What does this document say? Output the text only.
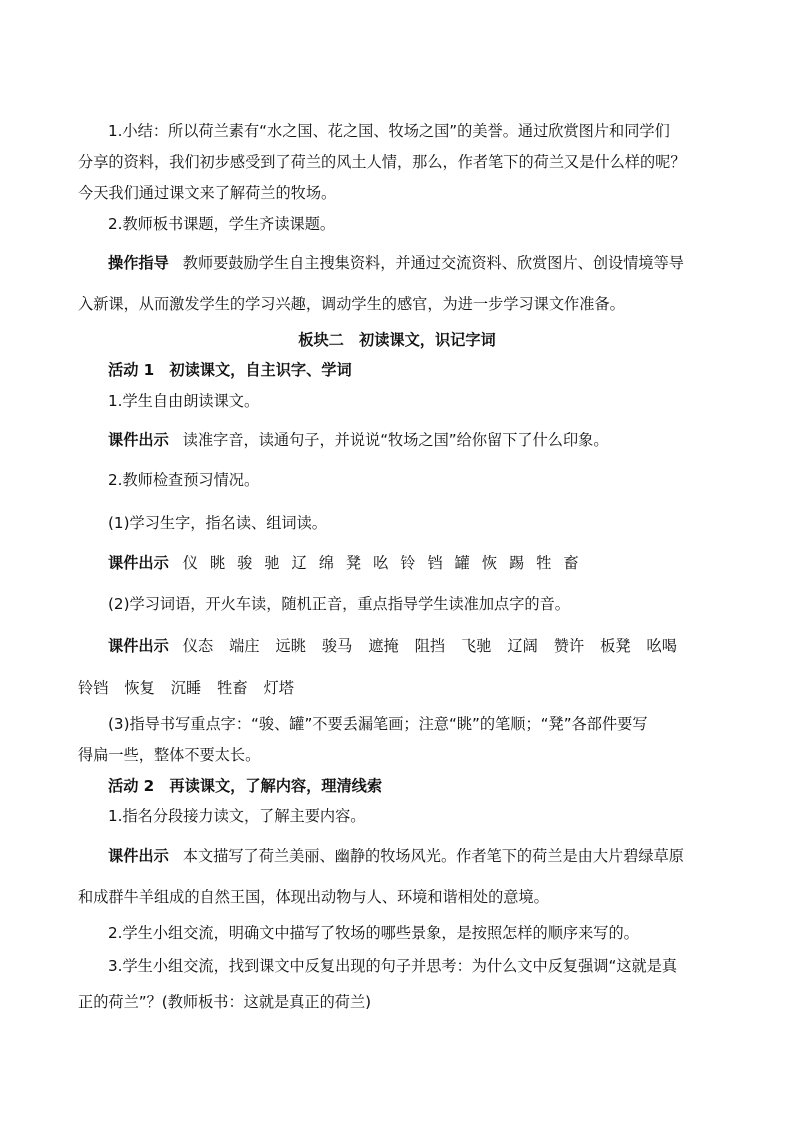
1.小结：所以荷兰素有“水之国、花之国、牧场之国”的美誉。通过欣赏图片和同学们
分享的资料，我们初步感受到了荷兰的风土人情，那么，作者笔下的荷兰又是什么样的呢？
今天我们通过课文来了解荷兰的牧场。
2.教师板书课题，学生齐读课题。
操作指导 教师要鼓励学生自主搜集资料，并通过交流资料、欣赏图片、创设情境等导
入新课，从而激发学生的学习兴趣，调动学生的感官，为进一步学习课文作准备。
板块二　初读课文，识记字词
活动 1　初读课文，自主识字、学词
1.学生自由朗读课文。
课件出示 读准字音，读通句子，并说说“牧场之国”给你留下了什么印象。
2.教师检查预习情况。
(1)学习生字，指名读、组词读。
课件出示 仪 眺 骏 驰 辽 绵 凳 吆 铃 铛 罐 恢 踢 牲 畜
(2)学习词语，开火车读，随机正音，重点指导学生读准加点字的音。
课件出示 仪态 端庄 远眺 骏马 遮掩 阻挡 飞驰 辽阔 赞许 板凳 吆喝
铃铛 恢复 沉睡 牲畜 灯塔
(3)指导书写重点字：“骏、罐”不要丢漏笔画；注意“眺”的笔顺；“凳”各部件要写
得扁一些，整体不要太长。
活动 2　再读课文，了解内容，理清线索
1.指名分段接力读文，了解主要内容。
课件出示 本文描写了荷兰美丽、幽静的牧场风光。作者笔下的荷兰是由大片碧绿草原
和成群牛羊组成的自然王国，体现出动物与人、环境和谐相处的意境。
2.学生小组交流，明确文中描写了牧场的哪些景象，是按照怎样的顺序来写的。
3.学生小组交流，找到课文中反复出现的句子并思考：为什么文中反复强调“这就是真
正的荷兰”？(教师板书：这就是真正的荷兰)
